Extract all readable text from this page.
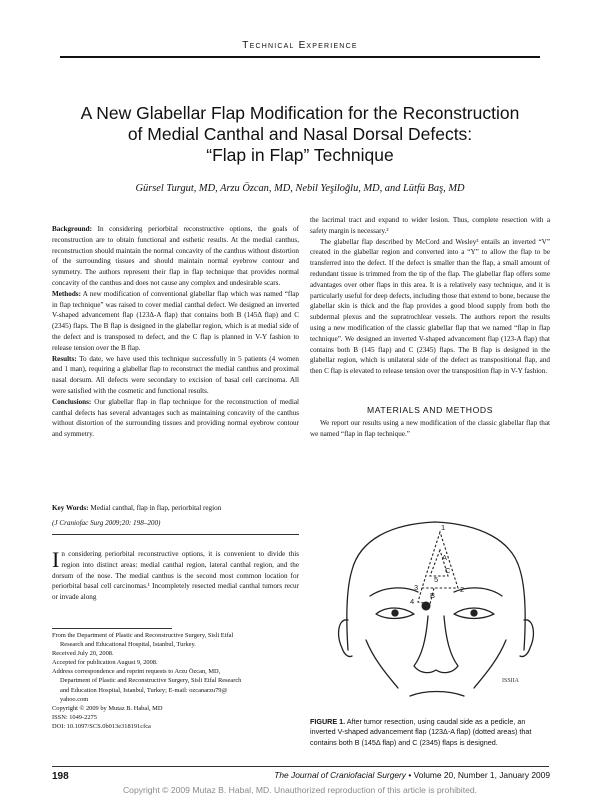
Technical Experience
A New Glabellar Flap Modification for the Reconstruction
of Medial Canthal and Nasal Dorsal Defects:
“Flap in Flap” Technique
Gürsel Turgut, MD, Arzu Özcan, MD, Nebil Yeşiloğlu, MD, and Lütfü Baş, MD

Background: In considering periorbital reconstructive options, the goals of reconstruction are to obtain functional and esthetic results. At the medial canthus, reconstruction should maintain the normal concavity of the canthus without distortion of the surrounding tissues and should maintain normal eyebrow contour and symmetry. The authors represent their flap in flap technique that provides normal concavity of the canthus and does not cause any complex and undesirable scars.

Methods: A new modification of conventional glabellar flap which was named “flap in flap technique” was raised to cover medial canthal defect. We designed an inverted V-shaped advancement flap (123Δ-A flap) that contains both B (145Δ flap) and C (2345) flaps. The B flap is designed in the glabellar region, which is at medial side of the defect and is transposed to defect, and the C flap is planned in V-Y fashion to release tension over the B flap.

Results: To date, we have used this technique successfully in 5 patients (4 women and 1 man), requiring a glabellar flap to reconstruct the medial canthus and proximal nasal dorsum. All defects were secondary to excision of basal cell carcinoma. All were satisfied with the cosmetic and functional results.

Conclusions: Our glabellar flap in flap technique for the reconstruction of medial canthal defects has several advantages such as maintaining concavity of the canthus without distortion of the surrounding tissues and providing normal eyebrow contour and symmetry.

Key Words: Medial canthal, flap in flap, periorbital region
(J Craniofac Surg 2009;20: 198–200)
In considering periorbital reconstructive options, it is convenient to divide this region into distinct areas: medial canthal region, lateral canthal region, and the dorsum of the nose. The medial canthus is the second most common location for periorbital basal cell carcinomas.¹ Incompletely resected medial canthal tumors recur or invade along
From the Department of Plastic and Reconstructive Surgery, Sisli Etfal
Research and Educational Hospital, Istanbul, Turkey.
Received July 20, 2008.
Accepted for publication August 9, 2008.
Address correspondence and reprint requests to Arzu Özcan, MD,
Department of Plastic and Reconstructive Surgery, Sisli Etfal Research
and Education Hospital, Istanbul, Turkey; E-mail: ozcanarzu79@
yahoo.com
Copyright © 2009 by Mutaz B. Habal, MD
ISSN: 1049-2275
DOI: 10.1097/SCS.0b013e318191cfca

the lacrimal tract and expand to wider lesion. Thus, complete resection with a safety margin is necessary.²

The glabellar flap described by McCord and Wesley³ entails an inverted “V” created in the glabellar region and converted into a “Y” to allow the flap to be transferred into the defect. If the defect is smaller than the flap, a small amount of redundant tissue is trimmed from the tip of the flap. The glabellar flap offers some advantages over other flaps in this area. It is a relatively easy technique, and it is particularly useful for deep defects, including those that extend to bone, because the glabellar skin is thick and the flap provides a good blood supply from both the subdermal plexus and the supratrochlear vessels. The authors report the results using a new modification of the classic glabellar flap that we named “flap in flap technique”. We designed an inverted V-shaped advancement flap (123-A flap) that contains both B (145 flap) and C (2345) flaps. The B flap is designed in the glabellar region, which is unilateral side of the defect as transpositional flap, and then C flap is elevated to release tension over the transposition flap in V-Y fashion.

MATERIALS AND METHODS

We report our results using a new modification of the classic glabellar flap that we named “flap in flap technique.”

1
2
3
4
5
A
B
C
ISSIIA
FIGURE 1. After tumor resection, using caudal side as a pedicle, an inverted V-shaped advancement flap (123Δ-A flap) (dotted areas) that contains both B (145Δ flap) and C (2345) flaps is designed.
198	The Journal of Craniofacial Surgery • Volume 20, Number 1, January 2009
Copyright © 2009 Mutaz B. Habal, MD. Unauthorized reproduction of this article is prohibited.
